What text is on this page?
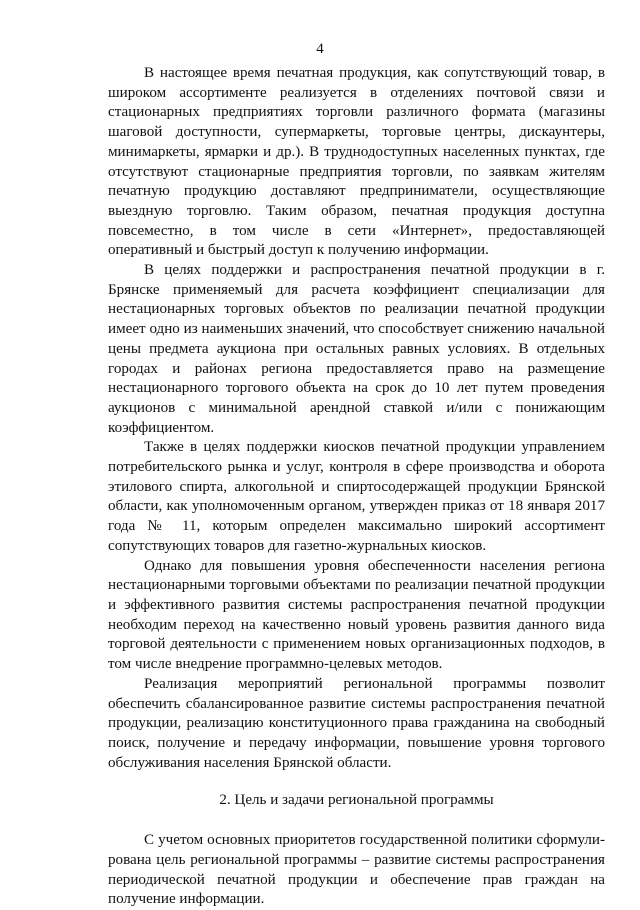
4

В настоящее время печатная продукция, как сопутствующий товар, в широком ассортименте реализуется в отделениях почтовой связи и стационарных предприятиях торговли различного формата (магазины шаговой доступности, супермаркеты, торговые центры, дискаунтеры, минимаркеты, ярмарки и др.). В труднодоступных населенных пунктах, где отсутствуют стационарные предприятия торговли, по заявкам жителям печатную продукцию доставляют предприниматели, осуществляющие выездную торговлю. Таким образом, печатная продукция доступна повсеместно, в том числе в сети «Интернет», предоставляющей оперативный и быстрый доступ к получению информации.

В целях поддержки и распространения печатной продукции в г. Брянске применяемый для расчета коэффициент специализации для нестационарных торговых объектов по реализации печатной продукции имеет одно из наименьших значений, что способствует снижению начальной цены предмета аукциона при остальных равных условиях. В отдельных городах и районах региона предоставляется право на размещение нестационарного торгового объекта на срок до 10 лет путем проведения аукционов с минимальной арендной ставкой и/или с понижающим коэффициентом.

Также в целях поддержки киосков печатной продукции управлением потребительского рынка и услуг, контроля в сфере производства и оборота этилового спирта, алкогольной и спиртосодержащей продукции Брянской области, как уполномоченным органом, утвержден приказ от 18 января 2017 года № 11, которым определен максимально широкий ассортимент сопутствующих товаров для газетно-журнальных киосков.

Однако для повышения уровня обеспеченности населения региона нестационарными торговыми объектами по реализации печатной продукции и эффективного развития системы распространения печатной продукции необходим переход на качественно новый уровень развития данного вида торговой деятельности с применением новых организационных подходов, в том числе внедрение программно-целевых методов.

Реализация мероприятий региональной программы позволит обеспечить сбалансированное развитие системы распространения печатной продукции, реализацию конституционного права гражданина на свободный поиск, получение и передачу информации, повышение уровня торгового обслуживания населения Брянской области.

2. Цель и задачи региональной программы

С учетом основных приоритетов государственной политики сформулирована цель региональной программы – развитие системы распространения периодической печатной продукции и обеспечение прав граждан на получение информации.
